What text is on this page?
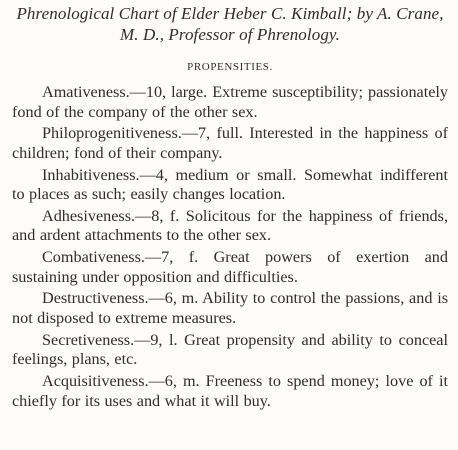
Phrenological Chart of Elder Heber C. Kimball; by A. Crane, M. D., Professor of Phrenology.

PROPENSITIES.

Amativeness.—10, large. Extreme susceptibility; passionately fond of the company of the other sex.

Philoprogenitiveness.—7, full. Interested in the happiness of children; fond of their company.

Inhabitiveness.—4, medium or small. Somewhat indifferent to places as such; easily changes location.

Adhesiveness.—8, f. Solicitous for the happiness of friends, and ardent attachments to the other sex.

Combativeness.—7, f. Great powers of exertion and sustaining under opposition and difficulties.

Destructiveness.—6, m. Ability to control the passions, and is not disposed to extreme measures.

Secretiveness.—9, l. Great propensity and ability to conceal feelings, plans, etc.

Acquisitiveness.—6, m. Freeness to spend money; love of it chiefly for its uses and what it will buy.
